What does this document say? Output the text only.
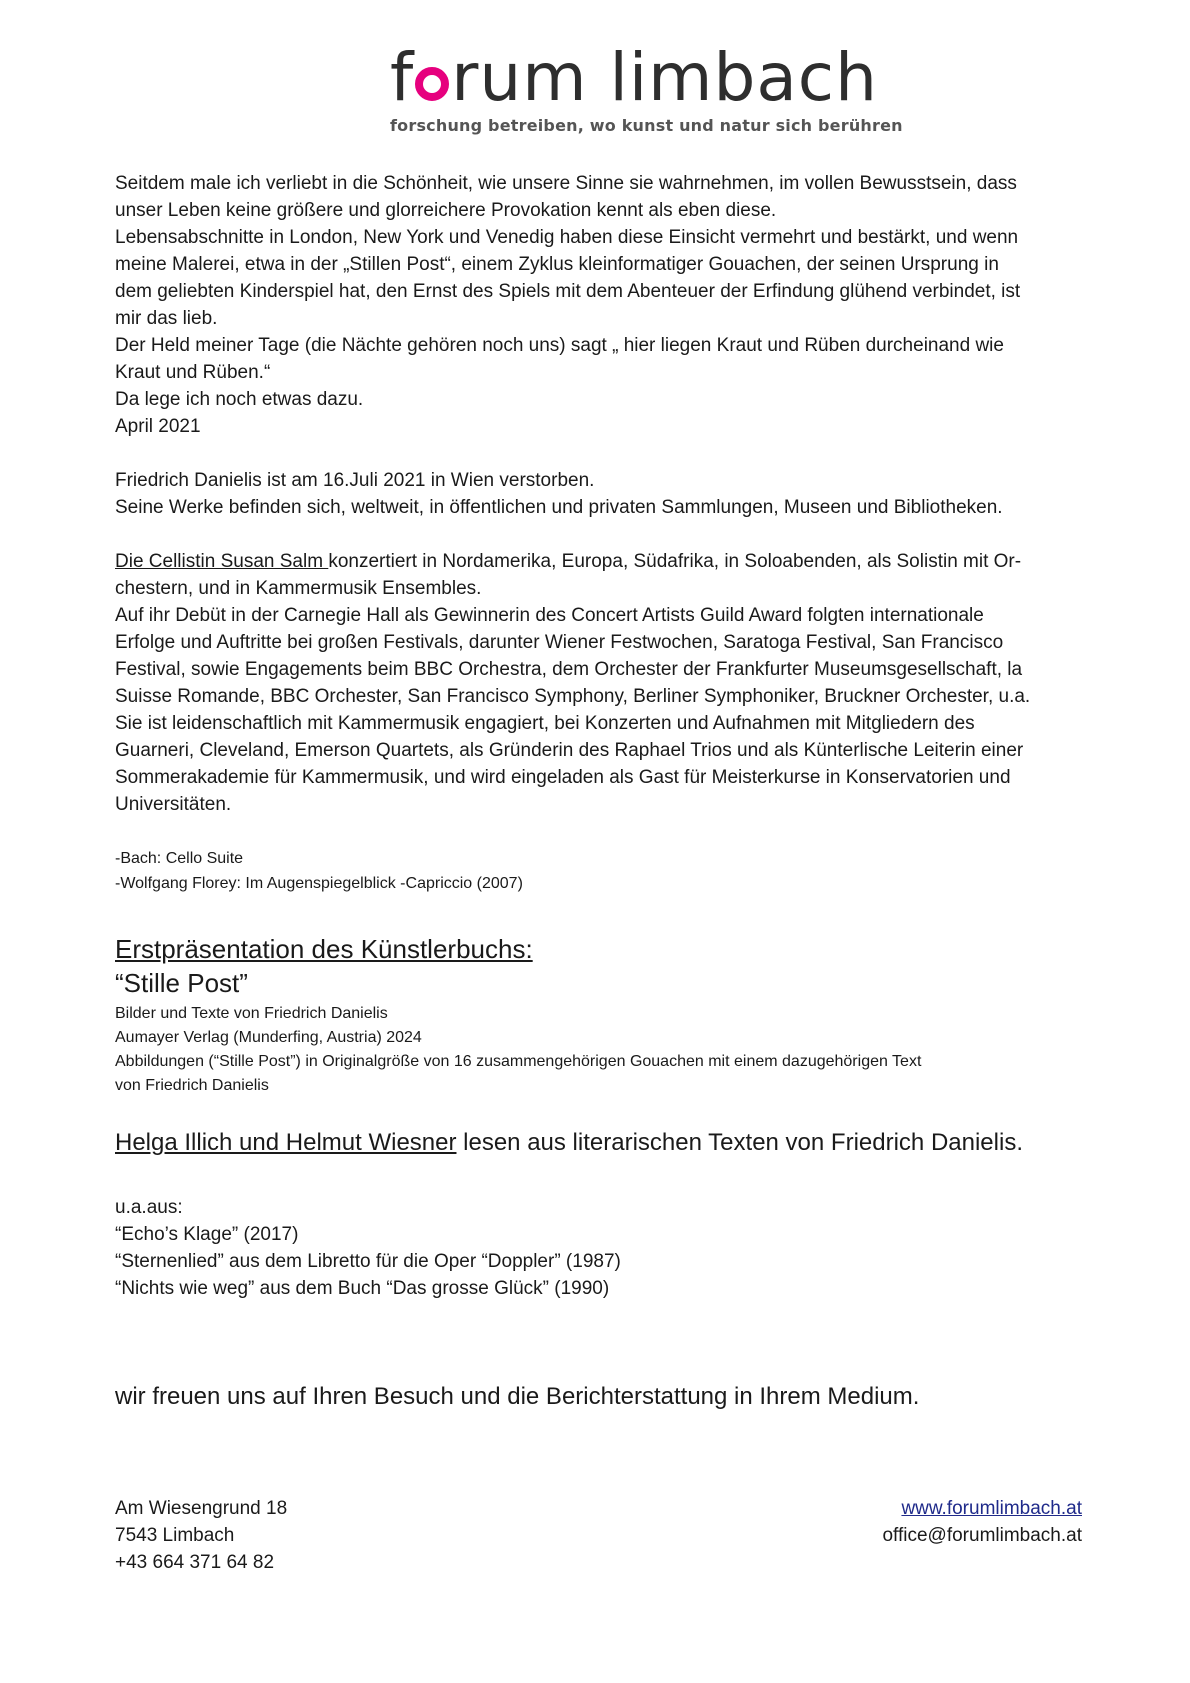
f rum limbach
forschung betreiben, wo kunst und natur sich berühren
Seitdem male ich verliebt in die Schönheit, wie unsere Sinne sie wahrnehmen, im vollen Bewusstsein, dass
unser Leben keine größere und glorreichere Provokation kennt als eben diese.
Lebensabschnitte in London, New York und Venedig haben diese Einsicht vermehrt und bestärkt, und wenn
meine Malerei, etwa in der „Stillen Post“, einem Zyklus kleinformatiger Gouachen, der seinen Ursprung in
dem geliebten Kinderspiel hat, den Ernst des Spiels mit dem Abenteuer der Erfindung glühend verbindet, ist
mir das lieb.
Der Held meiner Tage (die Nächte gehören noch uns) sagt „ hier liegen Kraut und Rüben durcheinand wie
Kraut und Rüben.“
Da lege ich noch etwas dazu.
April 2021
Friedrich Danielis ist am 16.Juli 2021 in Wien verstorben.
Seine Werke befinden sich, weltweit, in öffentlichen und privaten Sammlungen, Museen und Bibliotheken.
Die Cellistin Susan Salm konzertiert in Nordamerika, Europa, Südafrika, in Soloabenden, als Solistin mit Or-
chestern, und in Kammermusik Ensembles.
Auf ihr Debüt in der Carnegie Hall als Gewinnerin des Concert Artists Guild Award folgten internationale
Erfolge und Auftritte bei großen Festivals, darunter Wiener Festwochen, Saratoga Festival, San Francisco
Festival, sowie Engagements beim BBC Orchestra, dem Orchester der Frankfurter Museumsgesellschaft, la
Suisse Romande, BBC Orchester, San Francisco Symphony, Berliner Symphoniker, Bruckner Orchester, u.a.
Sie ist leidenschaftlich mit Kammermusik engagiert, bei Konzerten und Aufnahmen mit Mitgliedern des
Guarneri, Cleveland, Emerson Quartets, als Gründerin des Raphael Trios und als Künterlische Leiterin einer
Sommerakademie für Kammermusik, und wird eingeladen als Gast für Meisterkurse in Konservatorien und
Universitäten.
-Bach: Cello Suite
-Wolfgang Florey: Im Augenspiegelblick -Capriccio (2007)
Erstpräsentation des Künstlerbuchs:
“Stille Post”
Bilder und Texte von Friedrich Danielis
Aumayer Verlag (Munderfing, Austria) 2024
Abbildungen (“Stille Post”) in Originalgröße von 16 zusammengehörigen Gouachen mit einem dazugehörigen Text
von Friedrich Danielis
Helga Illich und Helmut Wiesner lesen aus literarischen Texten von Friedrich Danielis.
u.a.aus:
“Echo’s Klage” (2017)
“Sternenlied” aus dem Libretto für die Oper “Doppler” (1987)
“Nichts wie weg” aus dem Buch “Das grosse Glück” (1990)
wir freuen uns auf Ihren Besuch und die Berichterstattung in Ihrem Medium.
Am Wiesengrund 18
7543 Limbach
+43 664 371 64 82
www.forumlimbach.at
office@forumlimbach.at
